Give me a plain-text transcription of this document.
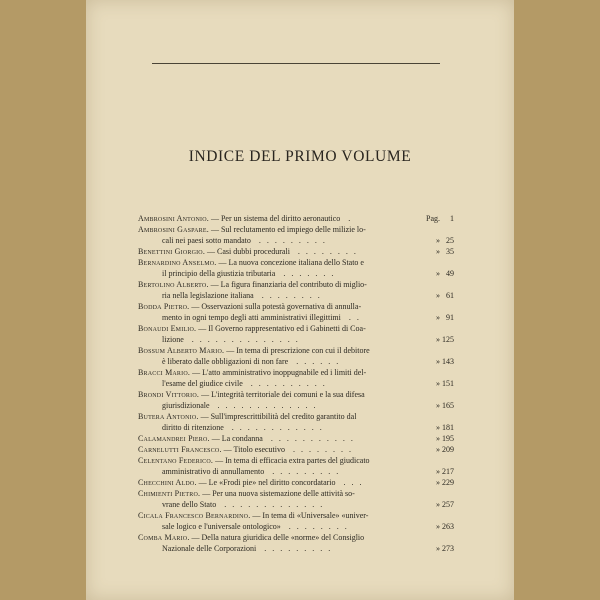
INDICE DEL PRIMO VOLUME
Ambrosini Antonio. — Per un sistema del diritto aeronautico .	Pag. 1
Ambrosini Gaspare. — Sul reclutamento ed impiego delle milizie lo-
cali nei paesi sotto mandato . . . . . . . . .	» 25
Benettini Giorgio. — Casi dubbi procedurali . . . . . . . .	» 35
Bernardino Anselmo. — La nuova concezione italiana dello Stato e
il principio della giustizia tributaria . . . . . . .	» 49
Bertolino Alberto. — La figura finanziaria del contributo di miglio-
ria nella legislazione italiana . . . . . . . .	» 61
Bodda Pietro. — Osservazioni sulla potestà governativa di annulla-
mento in ogni tempo degli atti amministrativi illegittimi . .	» 91
Bonaudi Emilio. — Il Governo rappresentativo ed i Gabinetti di Coa-
lizione . . . . . . . . . . . . . .	» 125
Bossum Alberto Mario. — In tema di prescrizione con cui il debitore
è liberato dalle obbligazioni di non fare . . . . . .	» 143
Bracci Mario. — L'atto amministrativo inoppugnabile ed i limiti del-
l'esame del giudice civile . . . . . . . . . .	» 151
Brondi Vittorio. — L'integrità territoriale dei comuni e la sua difesa
giurisdizionale . . . . . . . . . . . . .	» 165
Butera Antonio. — Sull'imprescrittibilità del credito garantito dal
diritto di ritenzione . . . . . . . . . . . .	» 181
Calamandrei Piero. — La condanna . . . . . . . . . . .	» 195
Carnelutti Francesco. — Titolo esecutivo . . . . . . . .	» 209
Celentano Federico. — In tema di efficacia extra partes del giudicato
amministrativo di annullamento . . . . . . . . .	» 217
Checchini Aldo. — Le «Frodi pie» nel diritto concordatario . . .	» 229
Chimienti Pietro. — Per una nuova sistemazione delle attività so-
vrane dello Stato . . . . . . . . . . . . .	» 257
Cicala Francesco Bernardino. — In tema di «Universale» «univer-
sale logico e l'universale ontologico» . . . . . . . .	» 263
Comba Mario. — Della natura giuridica delle «norme» del Consiglio
Nazionale delle Corporazioni . . . . . . . . .	» 273
